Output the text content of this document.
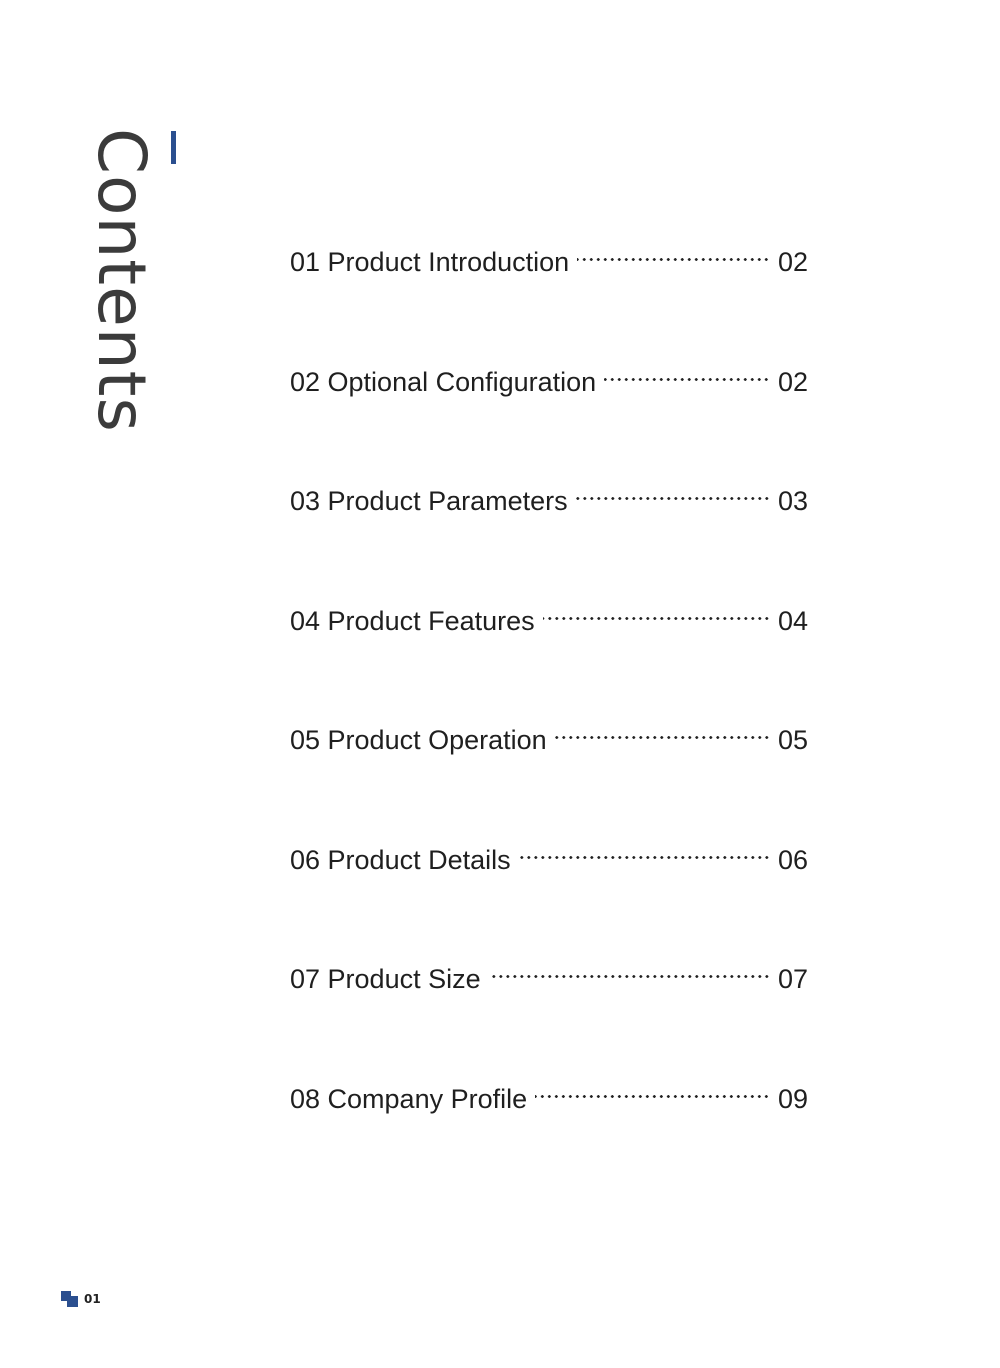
Contents	01 Product Introduction	02
02 Optional Configuration	02
03 Product Parameters	03
04 Product Features	04
05 Product Operation	05
06 Product Details	06
07 Product Size	07
08 Company Profile	09
01
